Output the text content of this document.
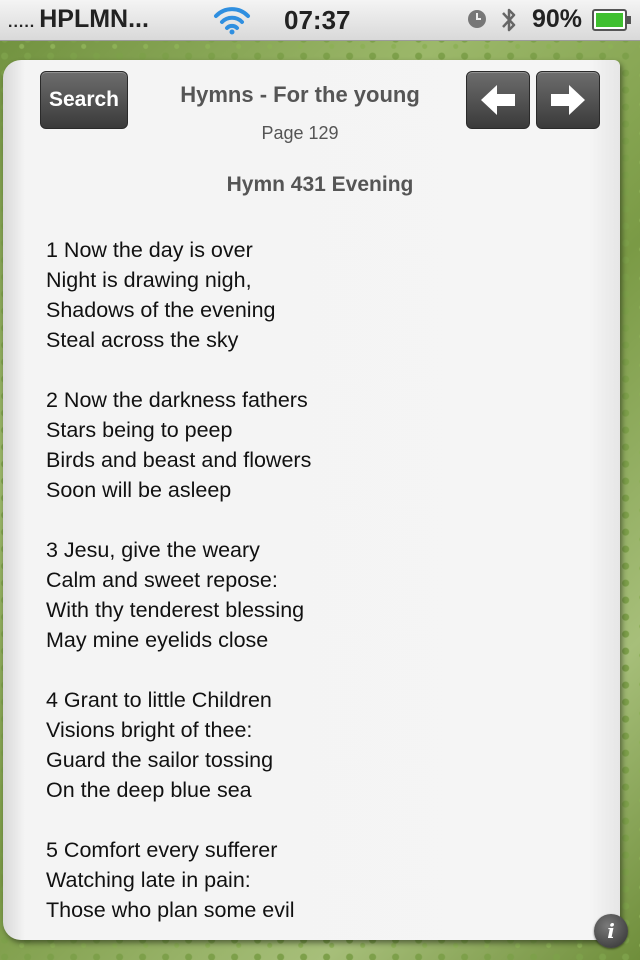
..... HPLMN...	07:37	90%
Search	Hymns - For the young
Page 129
Hymn 431 Evening
1 Now the day is over
Night is drawing nigh,
Shadows of the evening
Steal across the sky
2 Now the darkness fathers
Stars being to peep
Birds and beast and flowers
Soon will be asleep
3 Jesu, give the weary
Calm and sweet repose:
With thy tenderest blessing
May mine eyelids close
4 Grant to little Children
Visions bright of thee:
Guard the sailor tossing
On the deep blue sea
5 Comfort every sufferer
Watching late in pain:
Those who plan some evil
i
